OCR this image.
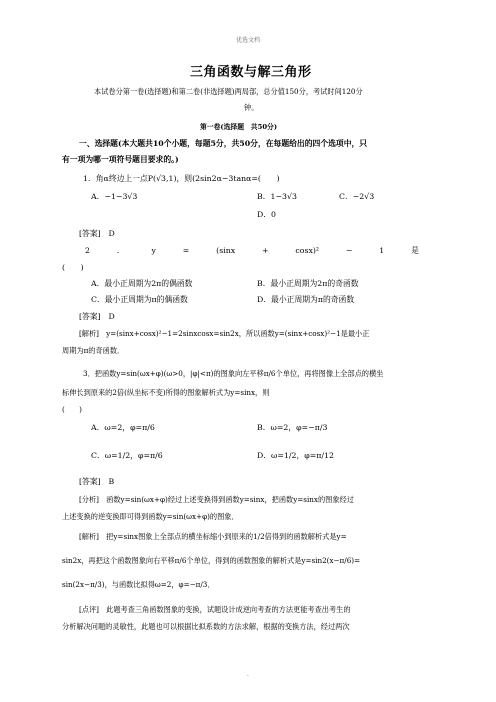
优选文档
三角函数与解三角形
本试卷分第一卷(选择题)和第二卷(非选择题)两局部，总分值150分，考试时间120分
钟。
第一卷(选择题　共50分)
一、选择题(本大题共10个小题，每题5分，共50分，在每题给出的四个选项中，只
有一项为哪一项符号题目要求的。)
1．角α终边上一点P(√3,1)，则(2sin2α−3tanα=(　　)
A．−1−3√3	B．1−3√3	C．−2√3
D．0
[答案]　D
2	．	y	=	(sinx	+	cosx)²	−	1	是
(　　)
A．最小正周期为2π的偶函数	B．最小正周期为2π的奇函数
C．最小正周期为π的偶函数	D．最小正周期为π的奇函数
[答案]　D
[解析]　y=(sinx+cosx)²−1=2sinxcosx=sin2x，所以函数y=(sinx+cosx)²−1是最小正
周期为π的奇函数．
3．把函数y=sin(ωx+φ)(ω>0，|φ|<π)的图象向左平移π/6个单位，再将图像上全部点的横坐
标伸长到原来的2倍(纵坐标不变)所得的图象解析式为y=sinx，则
(　　)
A．ω=2，φ=π/6	B．ω=2，φ=−π/3
C．ω=1/2，φ=π/6	D．ω=1/2，φ=π/12
[答案]　B
[分析]　函数y=sin(ωx+φ)经过上述变换得到函数y=sinx，把函数y=sinx的图象经过
上述变换的逆变换即可得到函数y=sin(ωx+φ)的图象．
[解析]　把y=sinx图象上全部点的横坐标缩小到原来的1/2倍得到的函数解析式是y=
sin2x，再把这个函数图象向右平移π/6个单位，得到的函数图象的解析式是y=sin2(x−π/6)=
sin(2x−π/3)，与函数比拟得ω=2，φ=−π/3．
[点评]　此题考查三角函数图象的变换，试题设计成逆向考查的方法更能考查出考生的
分析解决问题的灵敏性，此题也可以根据比拟系数的方法求解，根据的变换方法，经过两次
.
